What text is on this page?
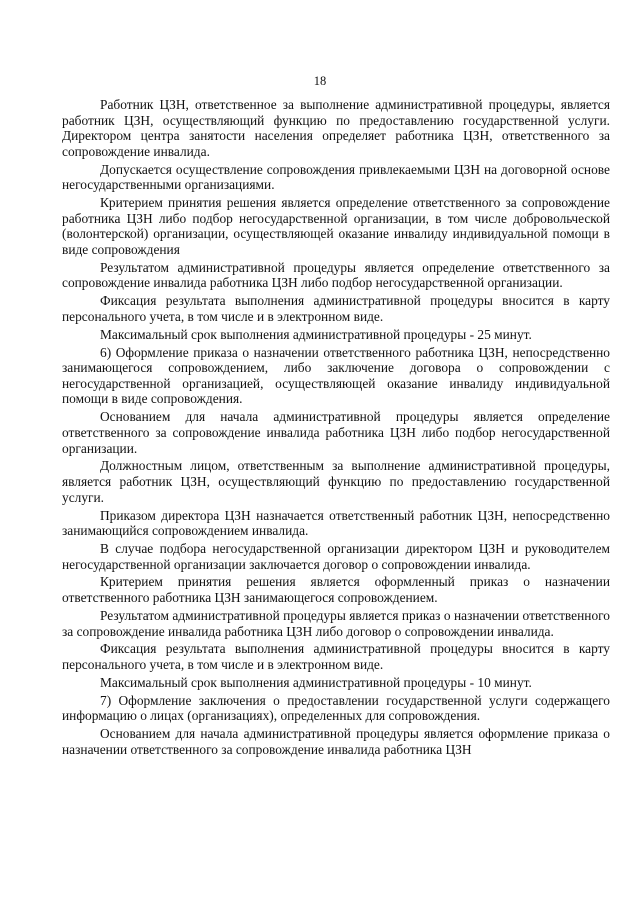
18

Работник ЦЗН, ответственное за выполнение административной процедуры, является работник ЦЗН, осуществляющий функцию по предоставлению государственной услуги. Директором центра занятости населения определяет работника ЦЗН, ответственного за сопровождение инвалида.

Допускается осуществление сопровождения привлекаемыми ЦЗН на договорной основе негосударственными организациями.

Критерием принятия решения является определение ответственного за сопровождение работника ЦЗН либо подбор негосударственной организации, в том числе добровольческой (волонтерской) организации, осуществляющей оказание инвалиду индивидуальной помощи в виде сопровождения

Результатом административной процедуры является определение ответственного за сопровождение инвалида работника ЦЗН либо подбор негосударственной организации.

Фиксация результата выполнения административной процедуры вносится в карту персонального учета, в том числе и в электронном виде.

Максимальный срок выполнения административной процедуры - 25 минут.

6) Оформление приказа о назначении ответственного работника ЦЗН, непосредственно занимающегося сопровождением, либо заключение договора о сопровождении с негосударственной организацией, осуществляющей оказание инвалиду индивидуальной помощи в виде сопровождения.

Основанием для начала административной процедуры является определение ответственного за сопровождение инвалида работника ЦЗН либо подбор негосударственной организации.

Должностным лицом, ответственным за выполнение административной процедуры, является работник ЦЗН, осуществляющий функцию по предоставлению государственной услуги.

Приказом директора ЦЗН назначается ответственный работник ЦЗН, непосредственно занимающийся сопровождением инвалида.

В случае подбора негосударственной организации директором ЦЗН и руководителем негосударственной организации заключается договор о сопровождении инвалида.

Критерием принятия решения является оформленный приказ о назначении ответственного работника ЦЗН занимающегося сопровождением.

Результатом административной процедуры является приказ о назначении ответственного за сопровождение инвалида работника ЦЗН либо договор о сопровождении инвалида.

Фиксация результата выполнения административной процедуры вносится в карту персонального учета, в том числе и в электронном виде.

Максимальный срок выполнения административной процедуры - 10 минут.

7) Оформление заключения о предоставлении государственной услуги содержащего информацию о лицах (организациях), определенных для сопровождения.

Основанием для начала административной процедуры является оформление приказа о назначении ответственного за сопровождение инвалида работника ЦЗН
